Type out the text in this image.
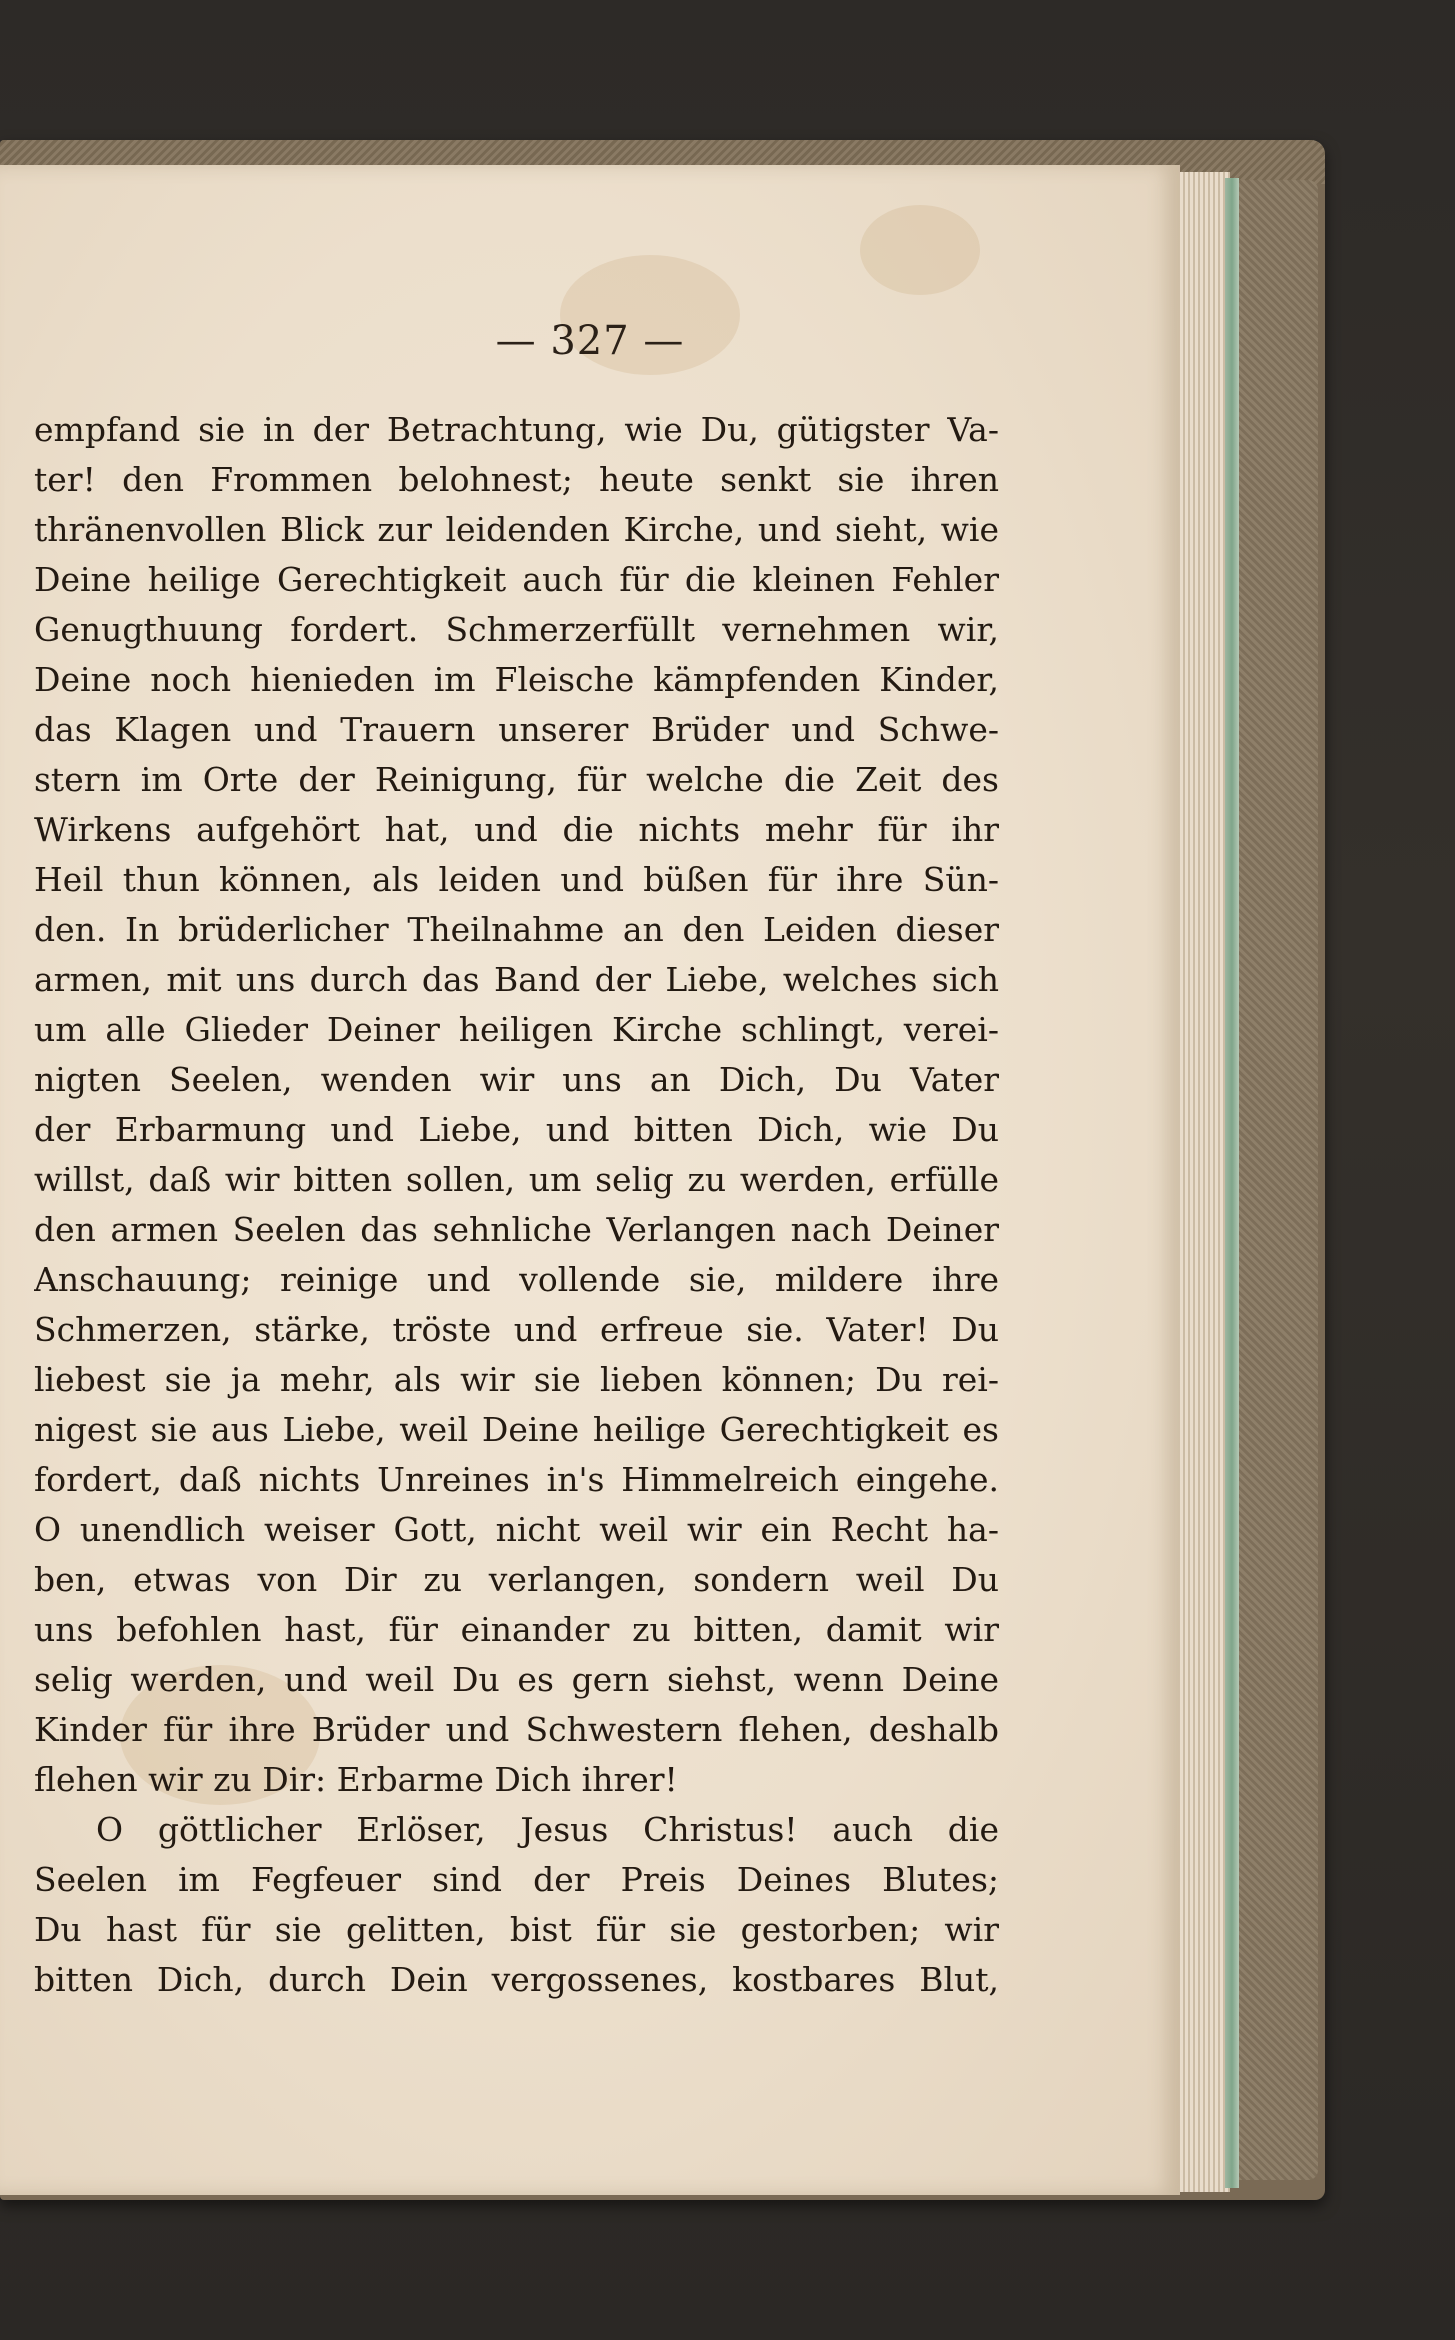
— 327 —
empfand sie in der Betrachtung, wie Du, gütigster Va-
ter! den Frommen belohnest; heute senkt sie ihren
thränenvollen Blick zur leidenden Kirche, und sieht, wie
Deine heilige Gerechtigkeit auch für die kleinen Fehler
Genugthuung fordert. Schmerzerfüllt vernehmen wir,
Deine noch hienieden im Fleische kämpfenden Kinder,
das Klagen und Trauern unserer Brüder und Schwe-
stern im Orte der Reinigung, für welche die Zeit des
Wirkens aufgehört hat, und die nichts mehr für ihr
Heil thun können, als leiden und büßen für ihre Sün-
den. In brüderlicher Theilnahme an den Leiden dieser
armen, mit uns durch das Band der Liebe, welches sich
um alle Glieder Deiner heiligen Kirche schlingt, verei-
nigten Seelen, wenden wir uns an Dich, Du Vater
der Erbarmung und Liebe, und bitten Dich, wie Du
willst, daß wir bitten sollen, um selig zu werden, erfülle
den armen Seelen das sehnliche Verlangen nach Deiner
Anschauung; reinige und vollende sie, mildere ihre
Schmerzen, stärke, tröste und erfreue sie. Vater! Du
liebest sie ja mehr, als wir sie lieben können; Du rei-
nigest sie aus Liebe, weil Deine heilige Gerechtigkeit es
fordert, daß nichts Unreines in's Himmelreich eingehe.
O unendlich weiser Gott, nicht weil wir ein Recht ha-
ben, etwas von Dir zu verlangen, sondern weil Du
uns befohlen hast, für einander zu bitten, damit wir
selig werden, und weil Du es gern siehst, wenn Deine
Kinder für ihre Brüder und Schwestern flehen, deshalb
flehen wir zu Dir: Erbarme Dich ihrer!
O göttlicher Erlöser, Jesus Christus! auch die
Seelen im Fegfeuer sind der Preis Deines Blutes;
Du hast für sie gelitten, bist für sie gestorben; wir
bitten Dich, durch Dein vergossenes, kostbares Blut,
